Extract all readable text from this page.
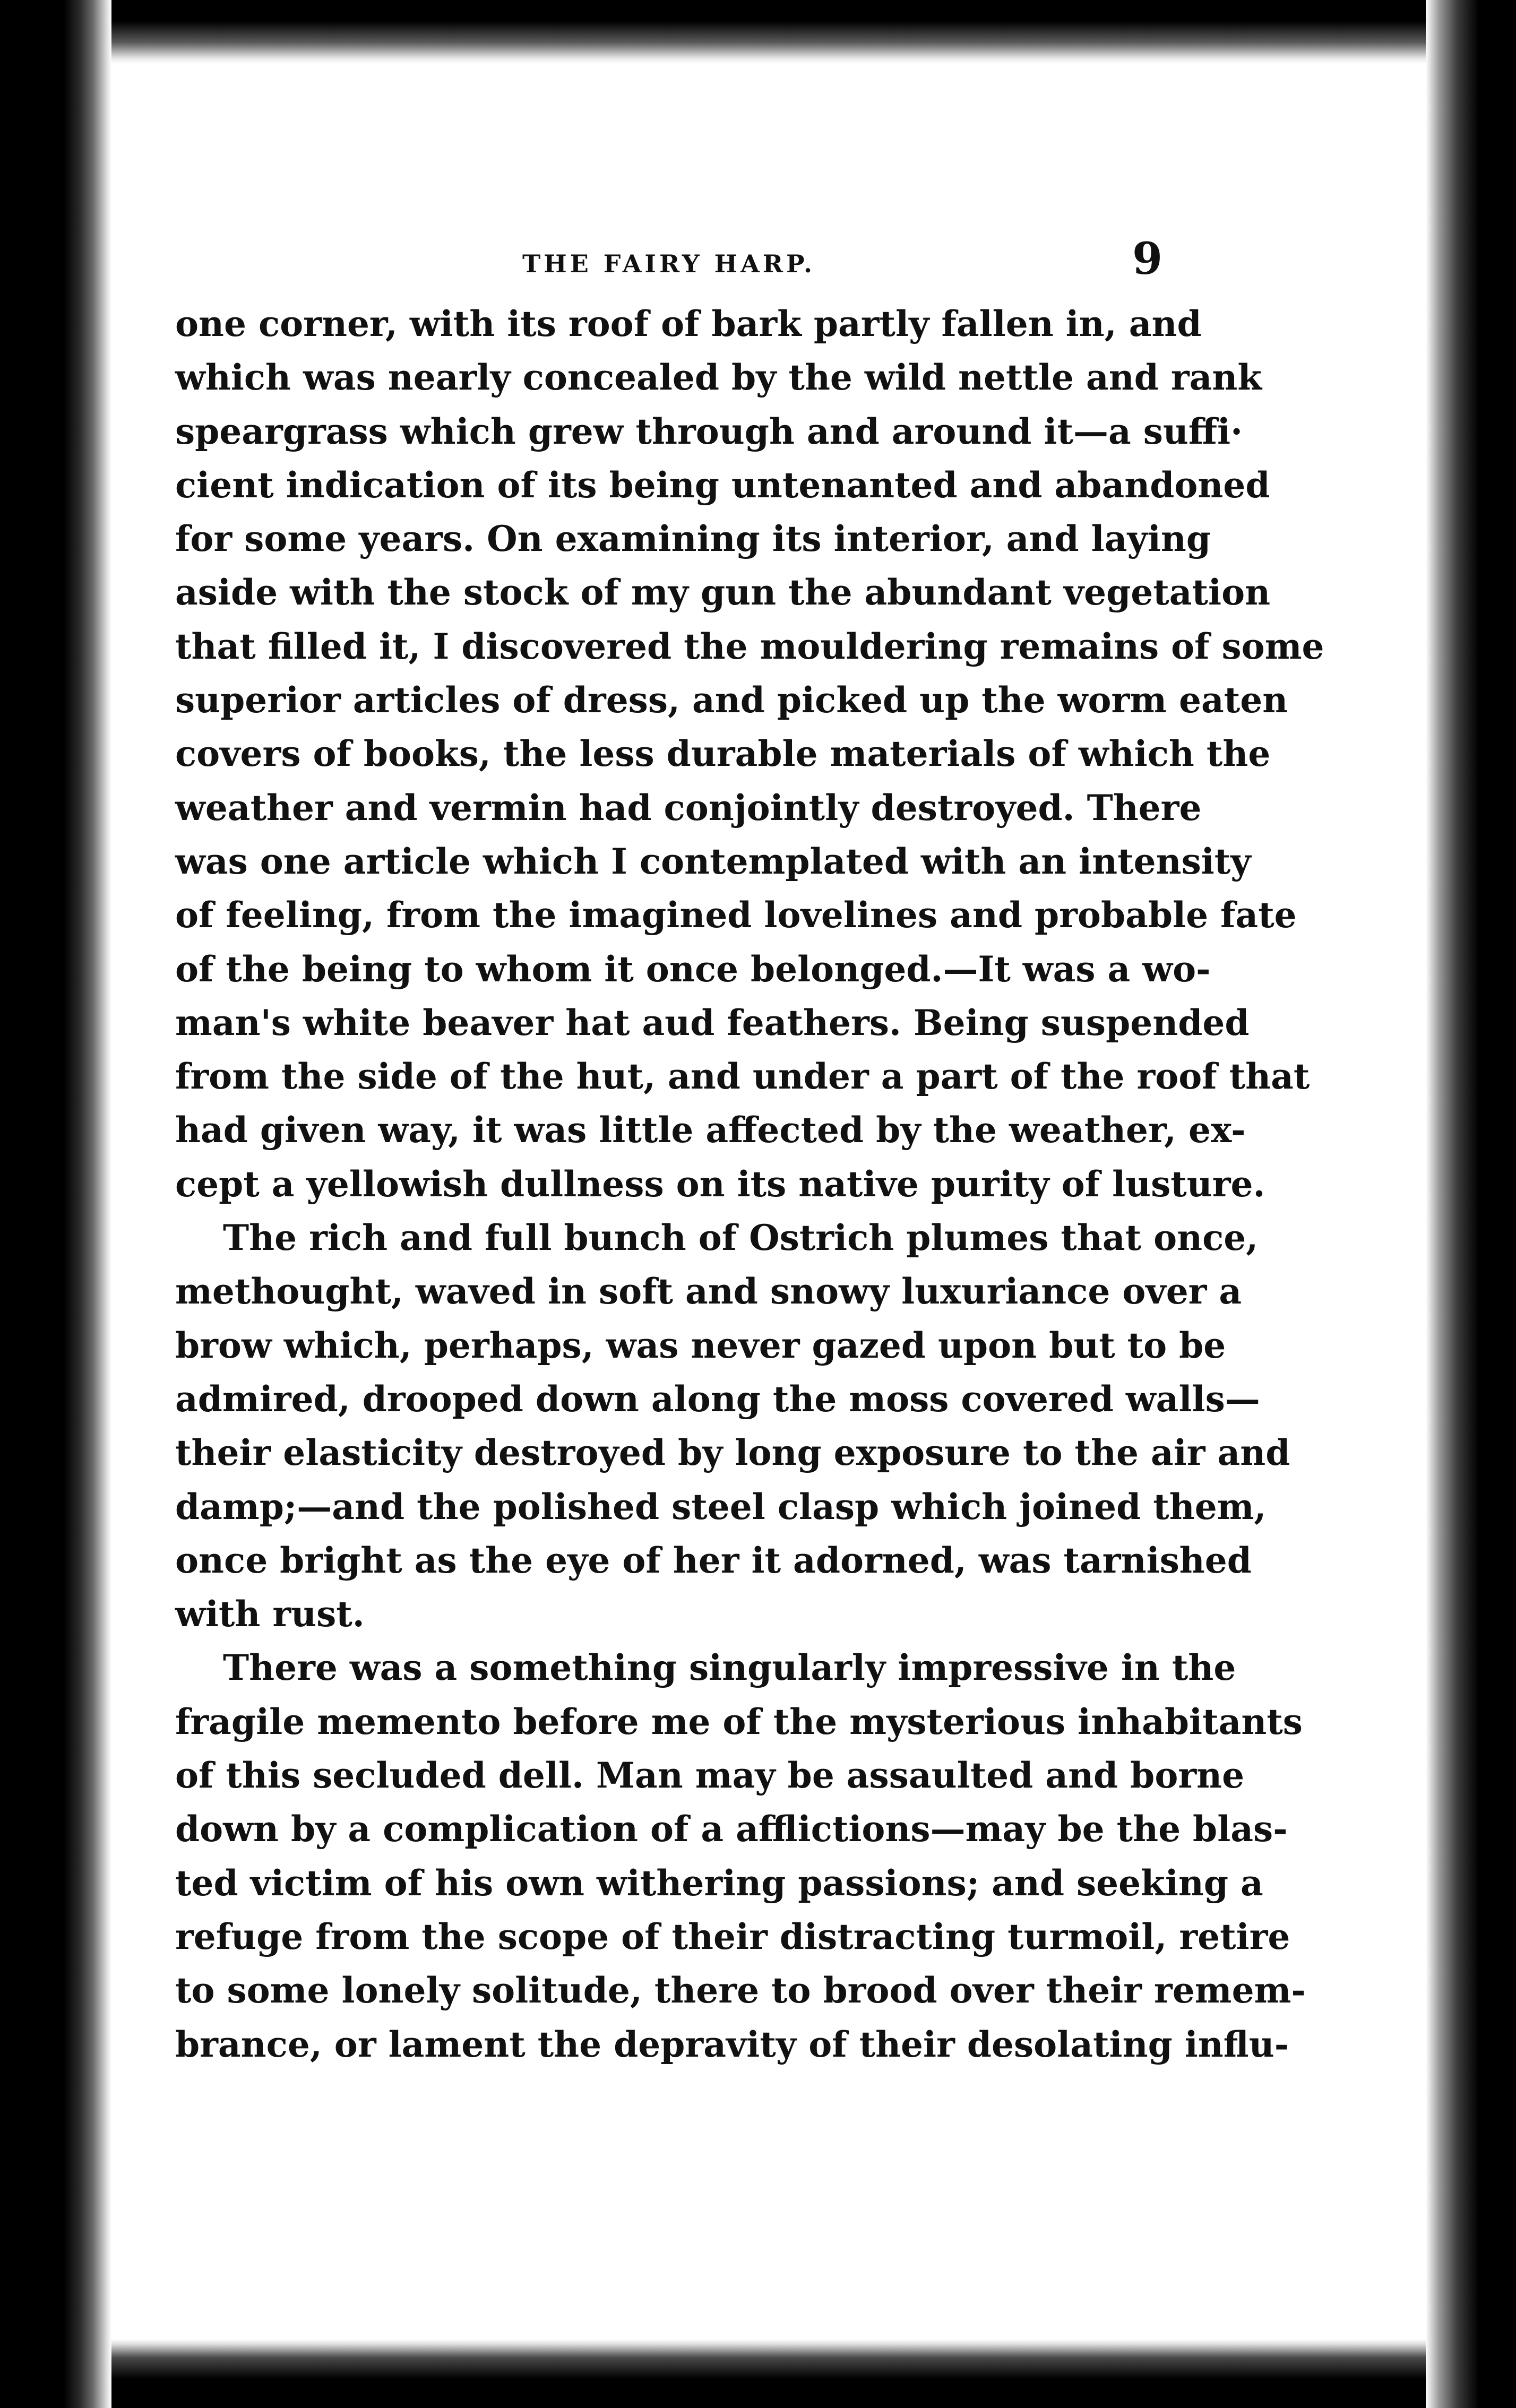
THE FAIRY HARP.	9

one corner, with its roof of bark partly fallen in, and
which was nearly concealed by the wild nettle and rank
speargrass which grew through and around it—a suffi·
cient indication of its being untenanted and abandoned
for some years. On examining its interior, and laying
aside with the stock of my gun the abundant vegetation
that filled it, I discovered the mouldering remains of some
superior articles of dress, and picked up the worm eaten
covers of books, the less durable materials of which the
weather and vermin had conjointly destroyed. There
was one article which I contemplated with an intensity
of feeling, from the imagined lovelines and probable fate
of the being to whom it once belonged.—It was a wo-
man's white beaver hat aud feathers. Being suspended
from the side of the hut, and under a part of the roof that
had given way, it was little affected by the weather, ex-
cept a yellowish dullness on its native purity of lusture.

The rich and full bunch of Ostrich plumes that once,
methought, waved in soft and snowy luxuriance over a
brow which, perhaps, was never gazed upon but to be
admired, drooped down along the moss covered walls—
their elasticity destroyed by long exposure to the air and
damp;—and the polished steel clasp which joined them,
once bright as the eye of her it adorned, was tarnished
with rust.

There was a something singularly impressive in the
fragile memento before me of the mysterious inhabitants
of this secluded dell. Man may be assaulted and borne
down by a complication of a afflictions—may be the blas-
ted victim of his own withering passions; and seeking a
refuge from the scope of their distracting turmoil, retire
to some lonely solitude, there to brood over their remem-
brance, or lament the depravity of their desolating influ-
